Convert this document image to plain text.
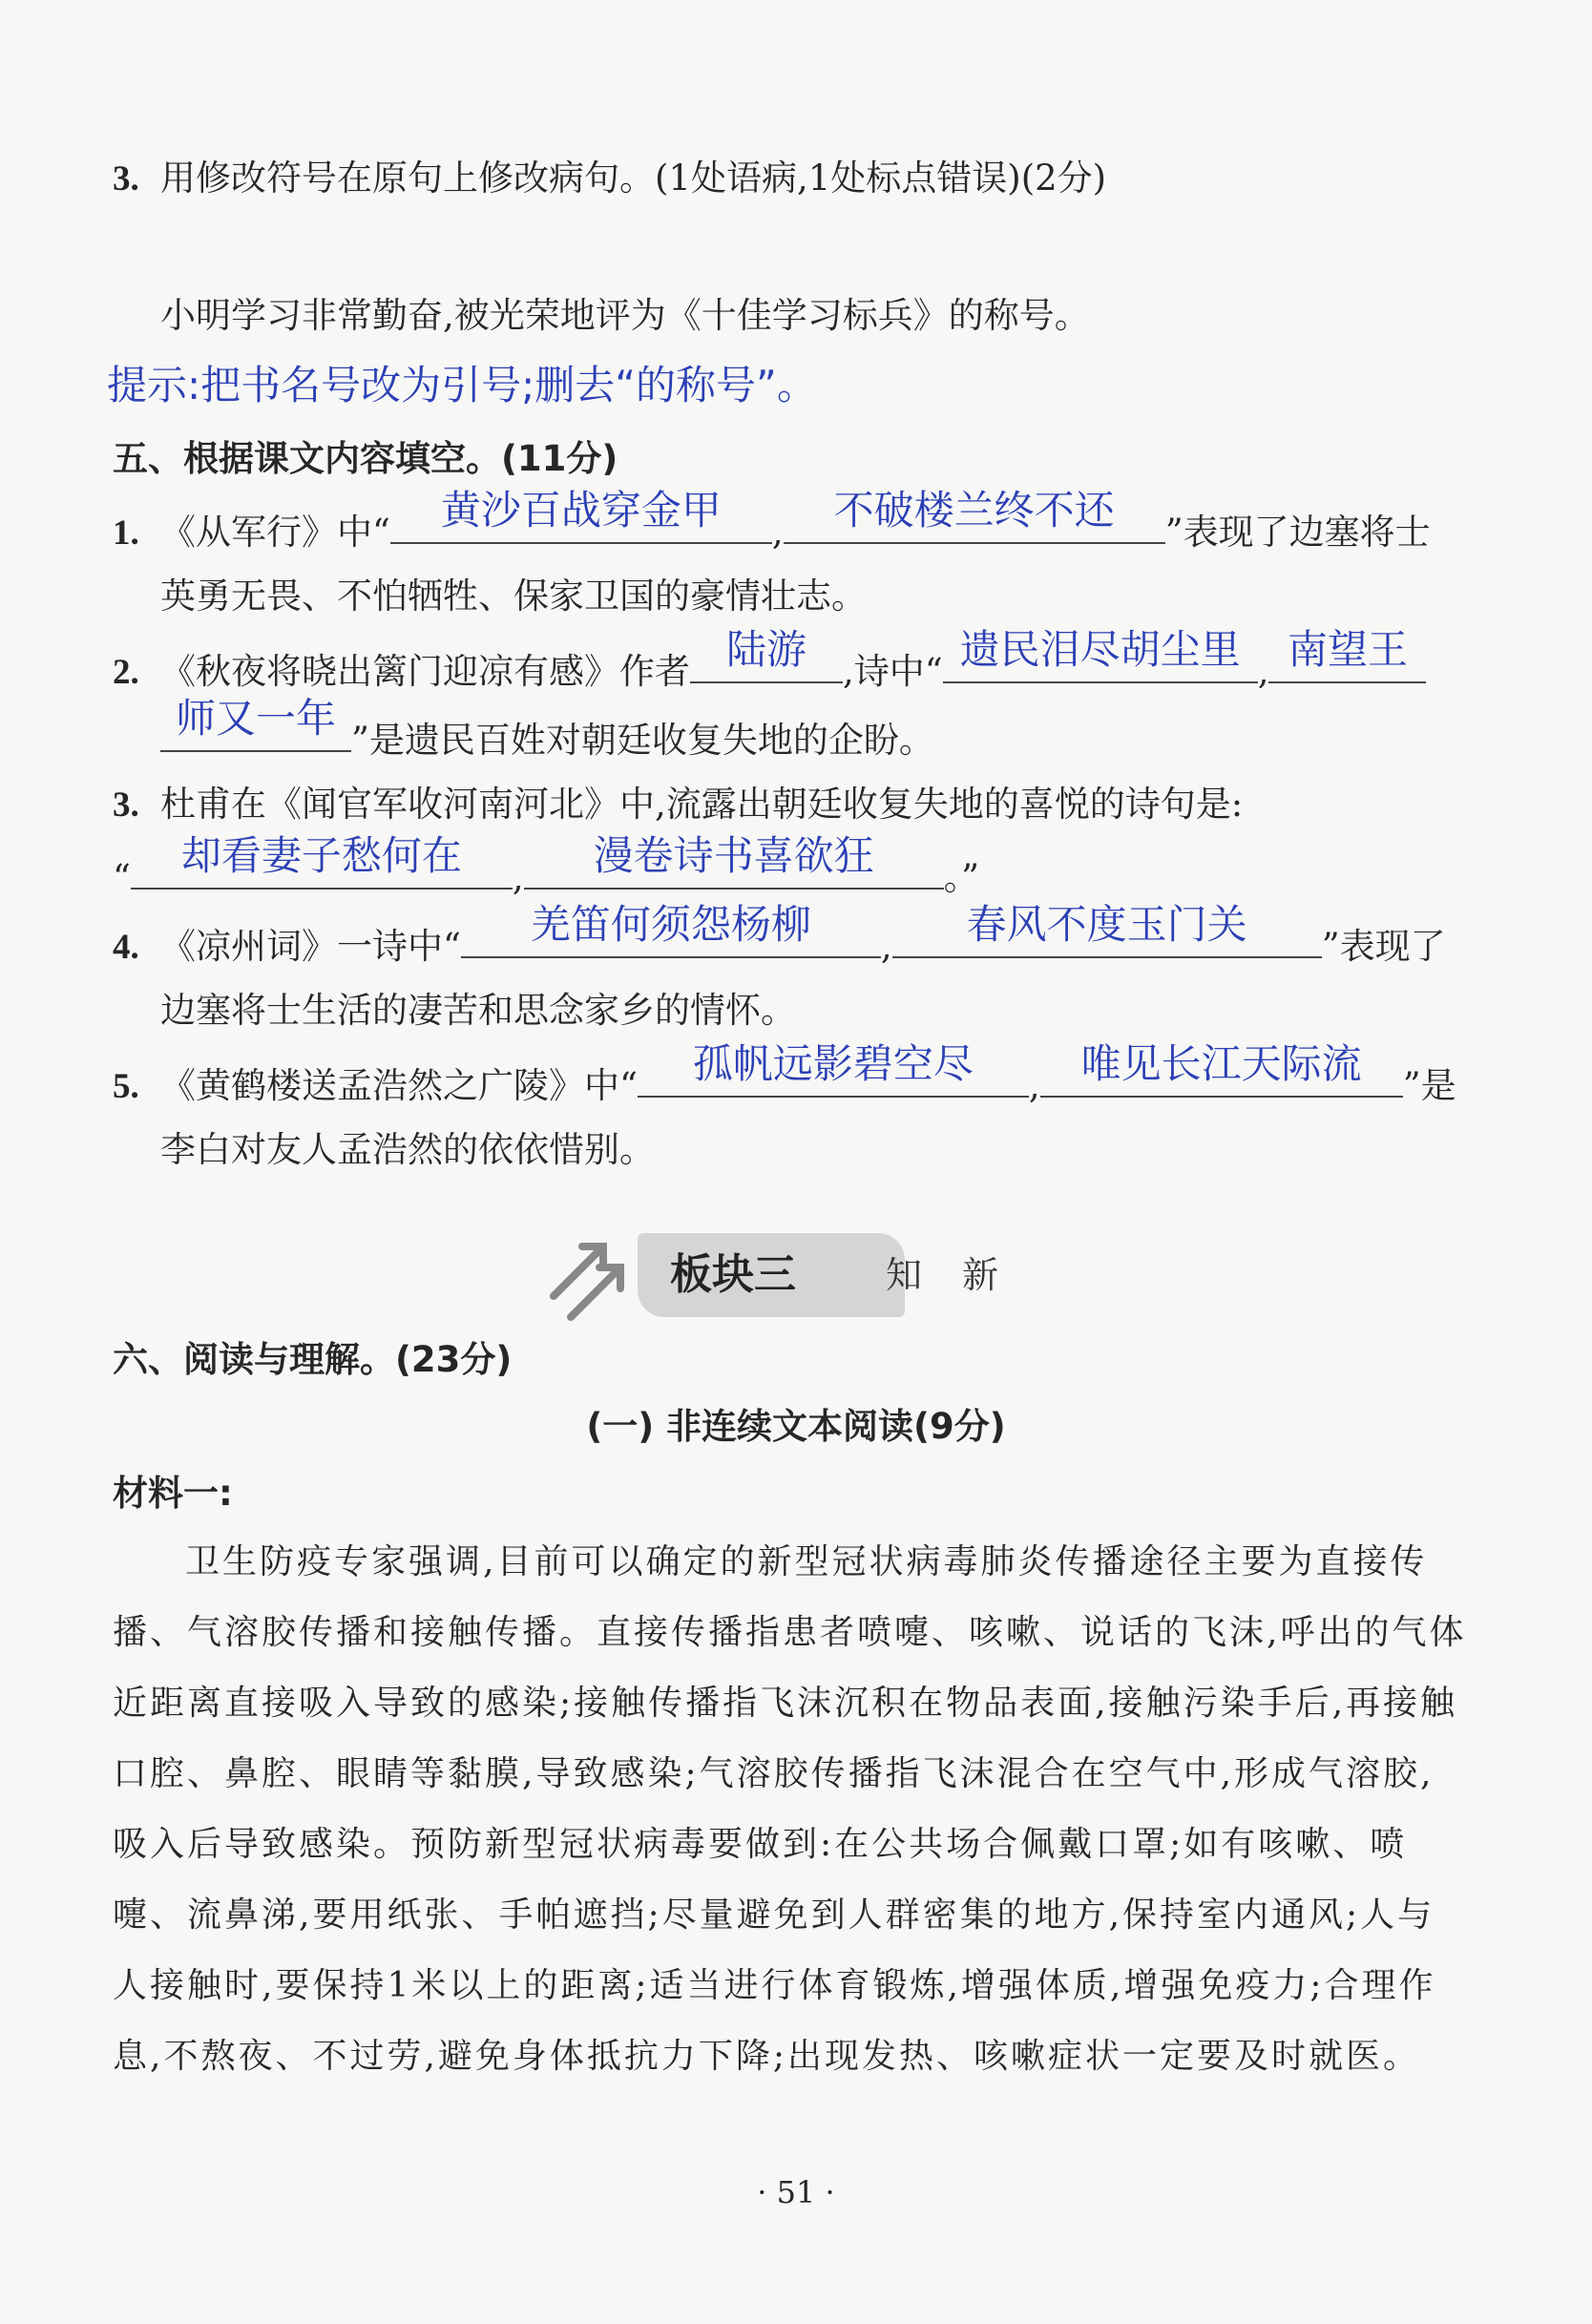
3. 用修改符号在原句上修改病句。(1处语病,1处标点错误)(2分)
小明学习非常勤奋,被光荣地评为《十佳学习标兵》的称号。
提示:把书名号改为引号;删去“的称号”。
五、根据课文内容填空。(11分)
1. 《从军行》中“	黄沙百战穿金甲	,	不破楼兰终不还	”表现了边塞将士
英勇无畏、不怕牺牲、保家卫国的豪情壮志。
2. 《秋夜将晓出篱门迎凉有感》作者 陆游	,诗中“ 遗民泪尽胡尘里 , 南望王
师又一年 ”是遗民百姓对朝廷收复失地的企盼。
3. 杜甫在《闻官军收河南河北》中,流露出朝廷收复失地的喜悦的诗句是:
“	却看妻子愁何在	,	漫卷诗书喜欲狂	。”
4. 《凉州词》一诗中“	羌笛何须怨杨柳	,	春风不度玉门关	”表现了
边塞将士生活的凄苦和思念家乡的情怀。
5. 《黄鹤楼送孟浩然之广陵》中“	孤帆远影碧空尽	,	唯见长江天际流	”是
李白对友人孟浩然的依依惜别。
板块三	知新
六、阅读与理解。(23分)
(一) 非连续文本阅读(9分)
材料一:

卫生防疫专家强调,目前可以确定的新型冠状病毒肺炎传播途径主要为直接传播、气溶胶传播和接触传播。直接传播指患者喷嚏、咳嗽、说话的飞沫,呼出的气体近距离直接吸入导致的感染;接触传播指飞沫沉积在物品表面,接触污染手后,再接触口腔、鼻腔、眼睛等黏膜,导致感染;气溶胶传播指飞沫混合在空气中,形成气溶胶,吸入后导致感染。预防新型冠状病毒要做到:在公共场合佩戴口罩;如有咳嗽、喷嚏、流鼻涕,要用纸张、手帕遮挡;尽量避免到人群密集的地方,保持室内通风;人与人接触时,要保持1米以上的距离;适当进行体育锻炼,增强体质,增强免疫力;合理作息,不熬夜、不过劳,避免身体抵抗力下降;出现发热、咳嗽症状一定要及时就医。

· 51 ·
